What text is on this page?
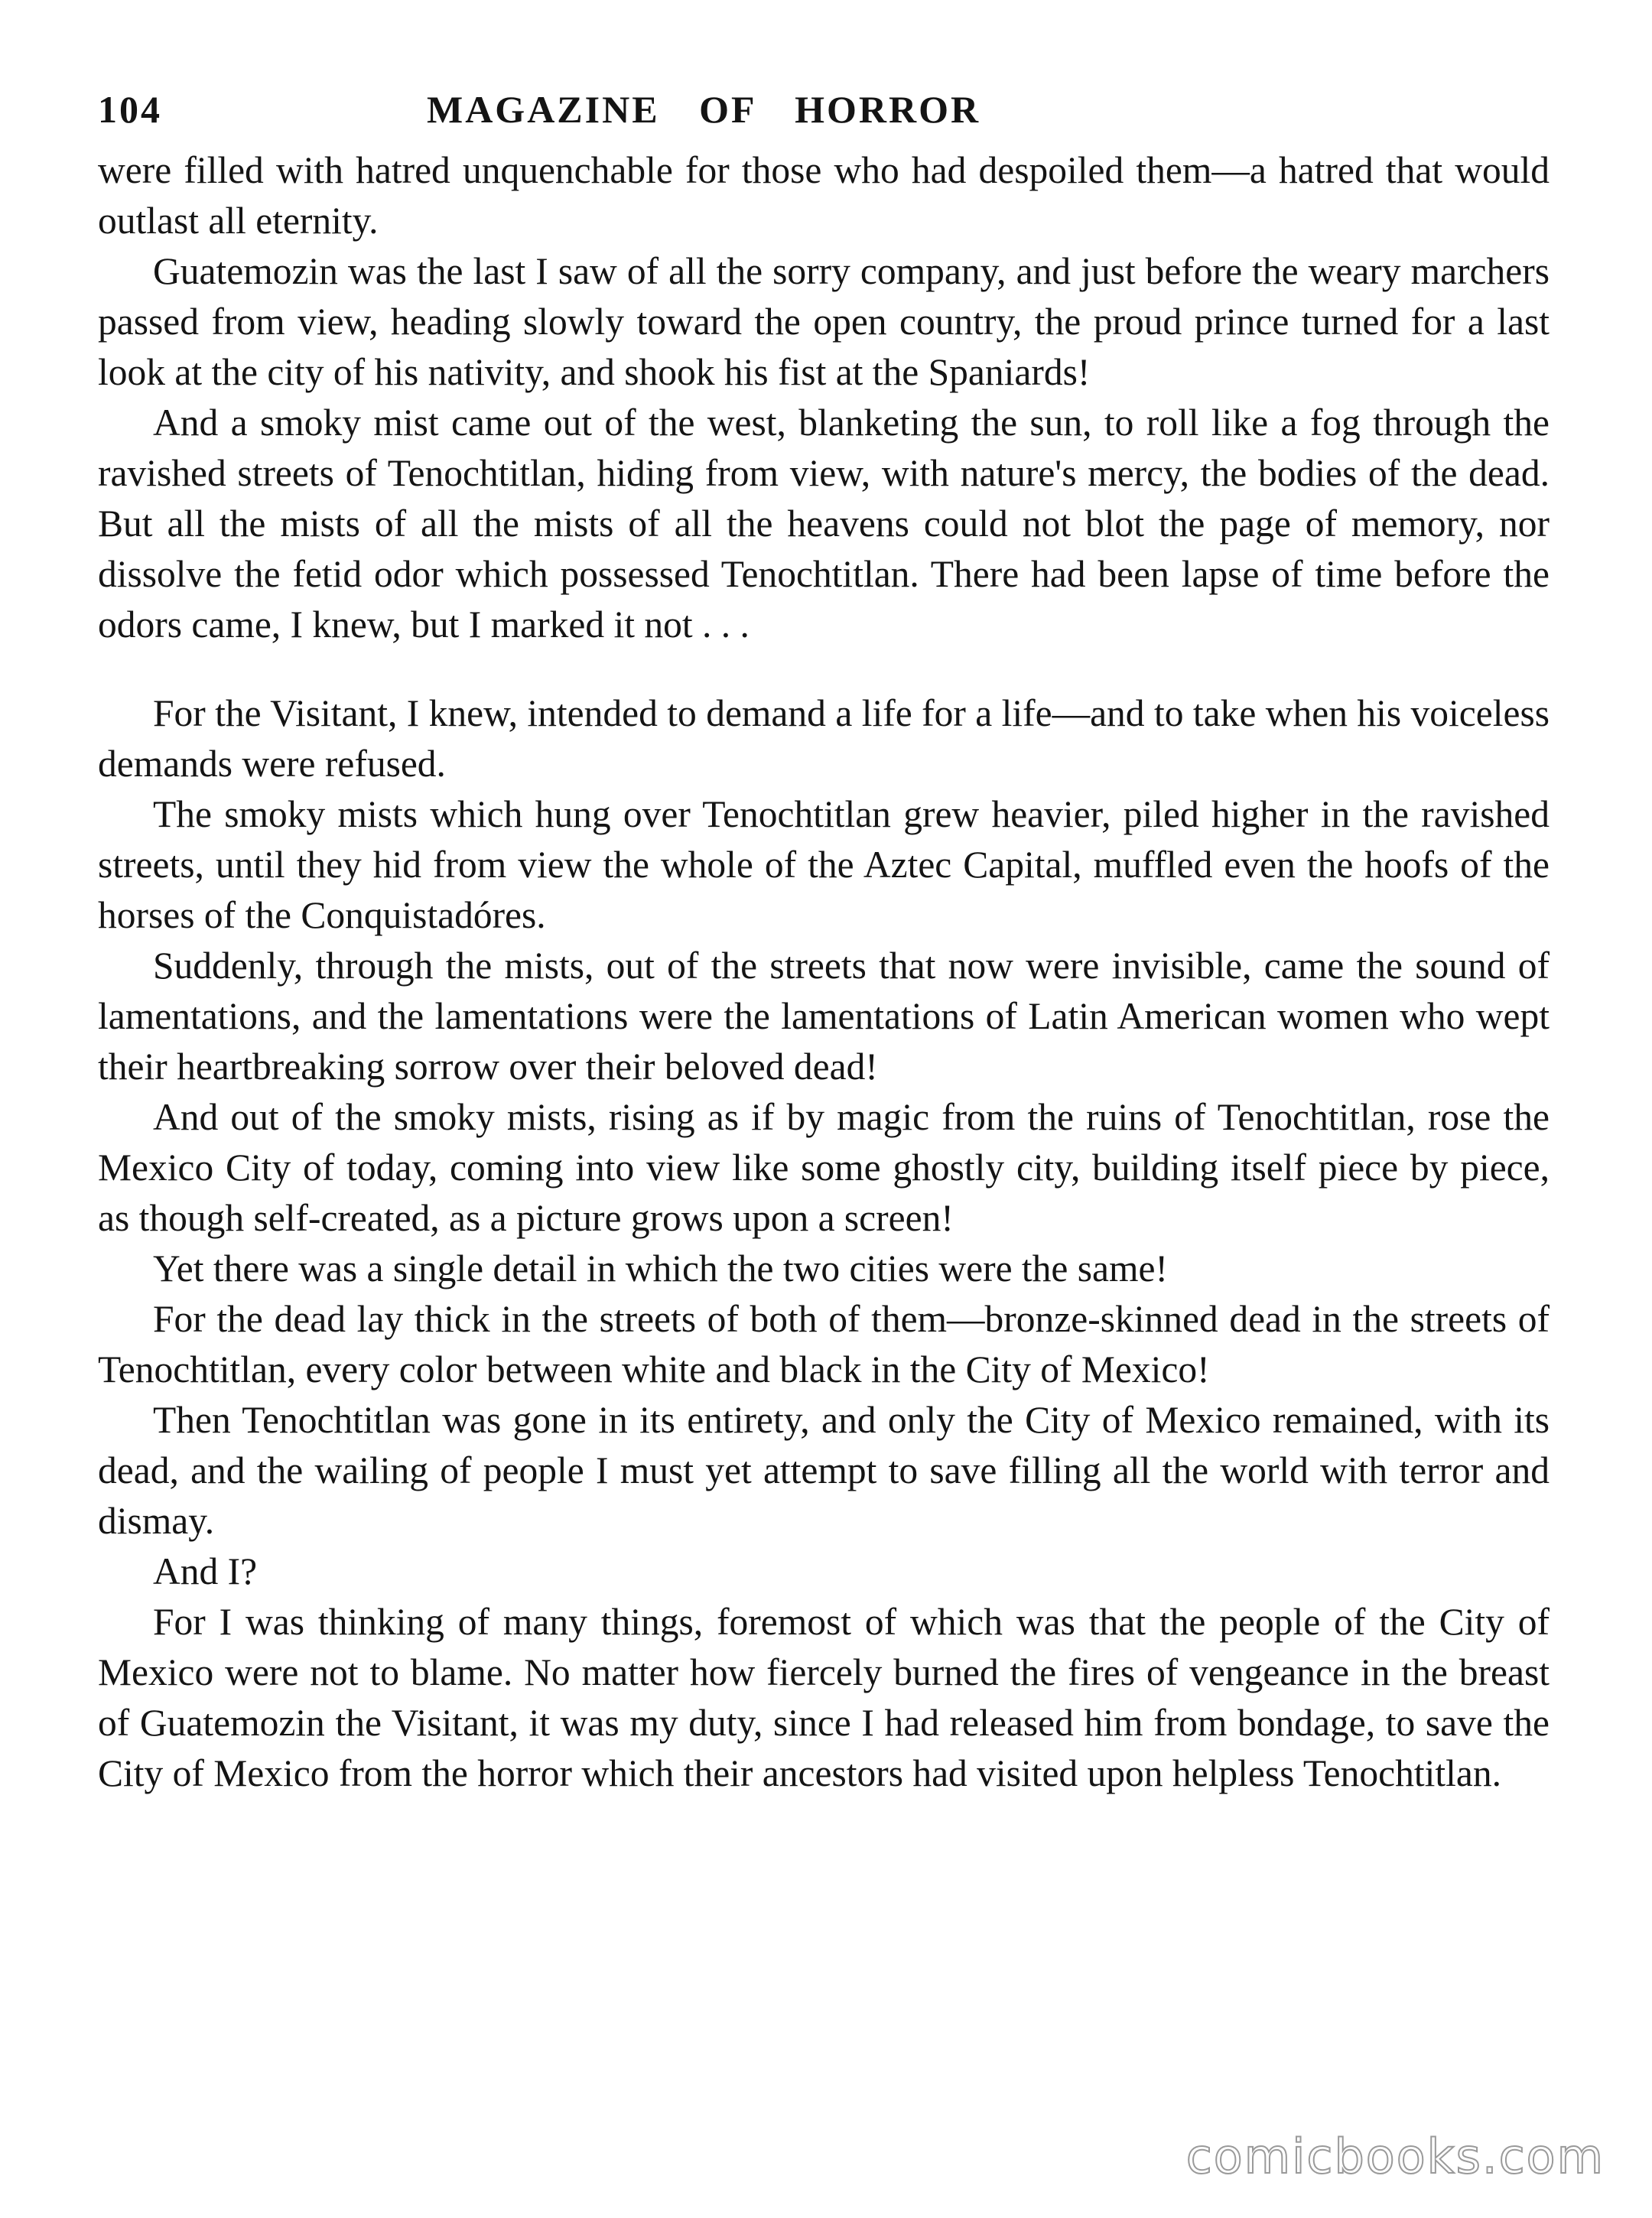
104	MAGAZINE OF HORROR

were filled with hatred unquenchable for those who had despoiled them—a hatred that would outlast all eternity.

Guatemozin was the last I saw of all the sorry company, and just before the weary marchers passed from view, heading slowly toward the open country, the proud prince turned for a last look at the city of his nativity, and shook his fist at the Spaniards!

And a smoky mist came out of the west, blanketing the sun, to roll like a fog through the ravished streets of Tenochtitlan, hiding from view, with nature's mercy, the bodies of the dead. But all the mists of all the mists of all the heavens could not blot the page of memory, nor dissolve the fetid odor which possessed Tenochtitlan. There had been lapse of time before the odors came, I knew, but I marked it not . . .

For the Visitant, I knew, intended to demand a life for a life—and to take when his voiceless demands were refused.

The smoky mists which hung over Tenochtitlan grew heavier, piled higher in the ravished streets, until they hid from view the whole of the Aztec Capital, muffled even the hoofs of the horses of the Conquistadóres.

Suddenly, through the mists, out of the streets that now were invisible, came the sound of lamentations, and the lamentations were the lamentations of Latin American women who wept their heartbreaking sorrow over their beloved dead!

And out of the smoky mists, rising as if by magic from the ruins of Tenochtitlan, rose the Mexico City of today, coming into view like some ghostly city, building itself piece by piece, as though self-created, as a picture grows upon a screen!

Yet there was a single detail in which the two cities were the same!

For the dead lay thick in the streets of both of them—bronze-skinned dead in the streets of Tenochtitlan, every color between white and black in the City of Mexico!

Then Tenochtitlan was gone in its entirety, and only the City of Mexico remained, with its dead, and the wailing of people I must yet attempt to save filling all the world with terror and dismay.

And I?

For I was thinking of many things, foremost of which was that the people of the City of Mexico were not to blame. No matter how fiercely burned the fires of vengeance in the breast of Guatemozin the Visitant, it was my duty, since I had released him from bondage, to save the City of Mexico from the horror which their ancestors had visited upon helpless Tenochtitlan.

comicbooks.com
